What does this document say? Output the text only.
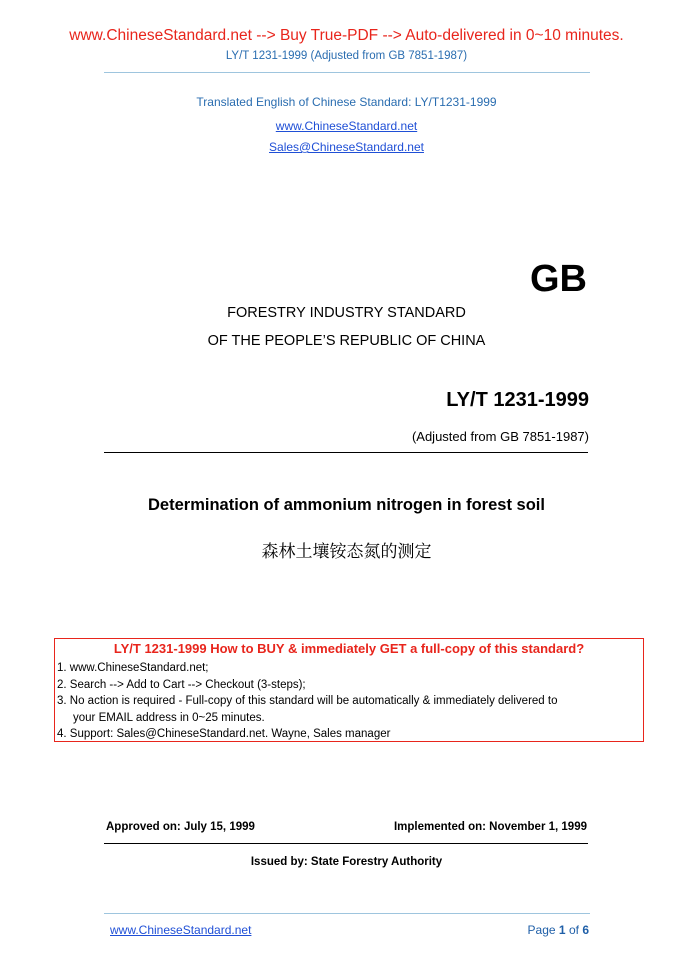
www.ChineseStandard.net --> Buy True-PDF --> Auto-delivered in 0~10 minutes.
LY/T 1231-1999 (Adjusted from GB 7851-1987)
Translated English of Chinese Standard: LY/T1231-1999
www.ChineseStandard.net
Sales@ChineseStandard.net
GB
FORESTRY INDUSTRY STANDARD
OF THE PEOPLE’S REPUBLIC OF CHINA
LY/T 1231-1999
(Adjusted from GB 7851-1987)
Determination of ammonium nitrogen in forest soil
森林土壤铵态氮的测定
LY/T 1231-1999 How to BUY & immediately GET a full-copy of this standard?
1. www.ChineseStandard.net;
2. Search --> Add to Cart --> Checkout (3-steps);
3. No action is required - Full-copy of this standard will be automatically & immediately delivered to
your EMAIL address in 0~25 minutes.
4. Support: Sales@ChineseStandard.net. Wayne, Sales manager
Approved on: July 15, 1999	Implemented on: November 1, 1999
Issued by: State Forestry Authority
www.ChineseStandard.net	Page 1 of 6
